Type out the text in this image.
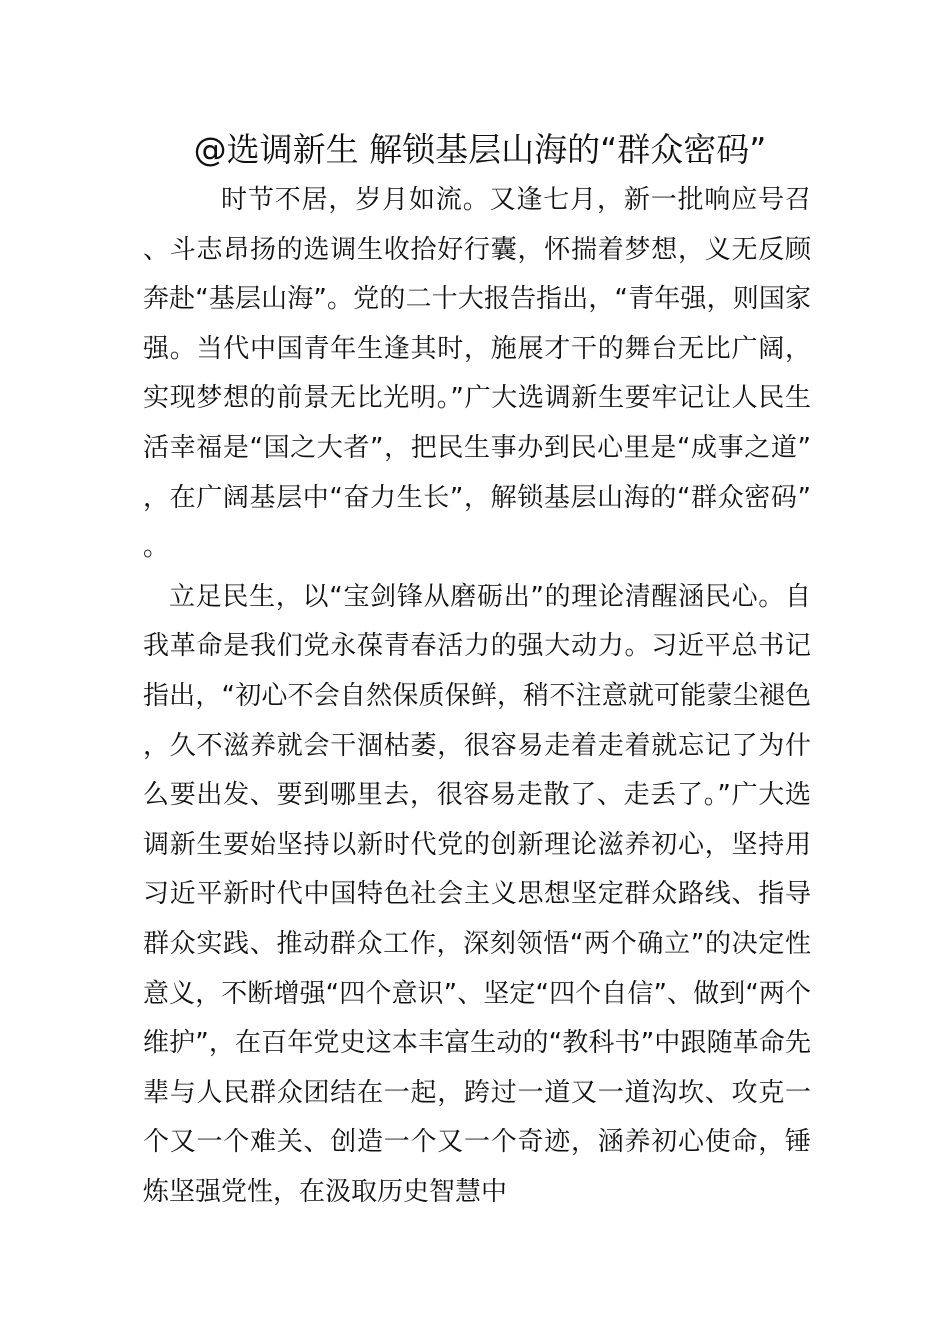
@选调新生 解锁基层山海的“群众密码”

时节不居，岁月如流。又逢七月，新一批响应号召、斗志昂扬的选调生收拾好行囊，怀揣着梦想，义无反顾奔赴“基层山海”。党的二十大报告指出，“青年强，则国家强。当代中国青年生逢其时，施展才干的舞台无比广阔，实现梦想的前景无比光明。”广大选调新生要牢记让人民生活幸福是“国之大者”，把民生事办到民心里是“成事之道”，在广阔基层中“奋力生长”，解锁基层山海的“群众密码”。

立足民生，以“宝剑锋从磨砺出”的理论清醒涵民心。自我革命是我们党永葆青春活力的强大动力。习近平总书记指出，“初心不会自然保质保鲜，稍不注意就可能蒙尘褪色，久不滋养就会干涸枯萎，很容易走着走着就忘记了为什么要出发、要到哪里去，很容易走散了、走丢了。”广大选调新生要始坚持以新时代党的创新理论滋养初心，坚持用习近平新时代中国特色社会主义思想坚定群众路线、指导群众实践、推动群众工作，深刻领悟“两个确立”的决定性意义，不断增强“四个意识”、坚定“四个自信”、做到“两个维护”，在百年党史这本丰富生动的“教科书”中跟随革命先辈与人民群众团结在一起，跨过一道又一道沟坎、攻克一个又一个难关、创造一个又一个奇迹，涵养初心使命，锤炼坚强党性，在汲取历史智慧中
